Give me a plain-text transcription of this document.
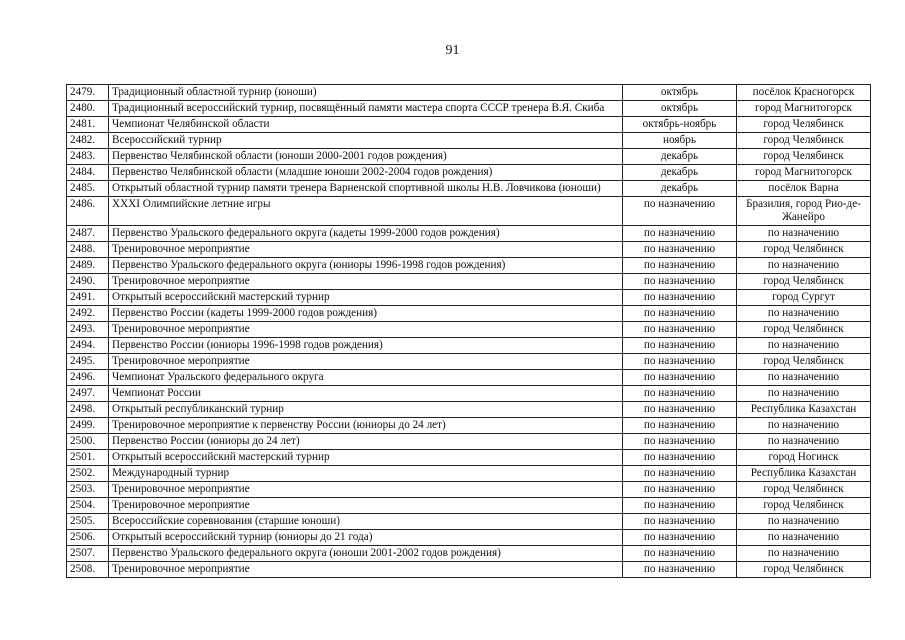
91
2479.	Традиционный областной турнир (юноши)	октябрь	посёлок Красногорск
2480.	Традиционный всероссийский турнир, посвящённый памяти мастера спорта СССР тренера В.Я. Скиба	октябрь	город Магнитогорск
2481.	Чемпионат Челябинской области	октябрь-ноябрь	город Челябинск
2482.	Всероссийский турнир	ноябрь	город Челябинск
2483.	Первенство Челябинской области (юноши 2000-2001 годов рождения)	декабрь	город Челябинск
2484.	Первенство Челябинской области (младшие юноши 2002-2004 годов рождения)	декабрь	город Магнитогорск
2485.	Открытый областной турнир памяти тренера Варненской спортивной школы Н.В. Ловчикова (юноши)	декабрь	посёлок Варна
2486.	XXXI Олимпийские летние игры	по назначению	Бразилия, город Рио-де-Жанейро
2487.	Первенство Уральского федерального округа (кадеты 1999-2000 годов рождения)	по назначению	по назначению
2488.	Тренировочное мероприятие	по назначению	город Челябинск
2489.	Первенство Уральского федерального округа (юниоры 1996-1998 годов рождения)	по назначению	по назначению
2490.	Тренировочное мероприятие	по назначению	город Челябинск
2491.	Открытый всероссийский мастерский турнир	по назначению	город Сургут
2492.	Первенство России (кадеты 1999-2000 годов рождения)	по назначению	по назначению
2493.	Тренировочное мероприятие	по назначению	город Челябинск
2494.	Первенство России (юниоры 1996-1998 годов рождения)	по назначению	по назначению
2495.	Тренировочное мероприятие	по назначению	город Челябинск
2496.	Чемпионат Уральского федерального округа	по назначению	по назначению
2497.	Чемпионат России	по назначению	по назначению
2498.	Открытый республиканский турнир	по назначению	Республика Казахстан
2499.	Тренировочное мероприятие к первенству России (юниоры до 24 лет)	по назначению	по назначению
2500.	Первенство России (юниоры до 24 лет)	по назначению	по назначению
2501.	Открытый всероссийский мастерский турнир	по назначению	город Ногинск
2502.	Международный турнир	по назначению	Республика Казахстан
2503.	Тренировочное мероприятие	по назначению	город Челябинск
2504.	Тренировочное мероприятие	по назначению	город Челябинск
2505.	Всероссийские соревнования (старшие юноши)	по назначению	по назначению
2506.	Открытый всероссийский турнир (юниоры до 21 года)	по назначению	по назначению
2507.	Первенство Уральского федерального округа (юноши 2001-2002 годов рождения)	по назначению	по назначению
2508.	Тренировочное мероприятие	по назначению	город Челябинск
